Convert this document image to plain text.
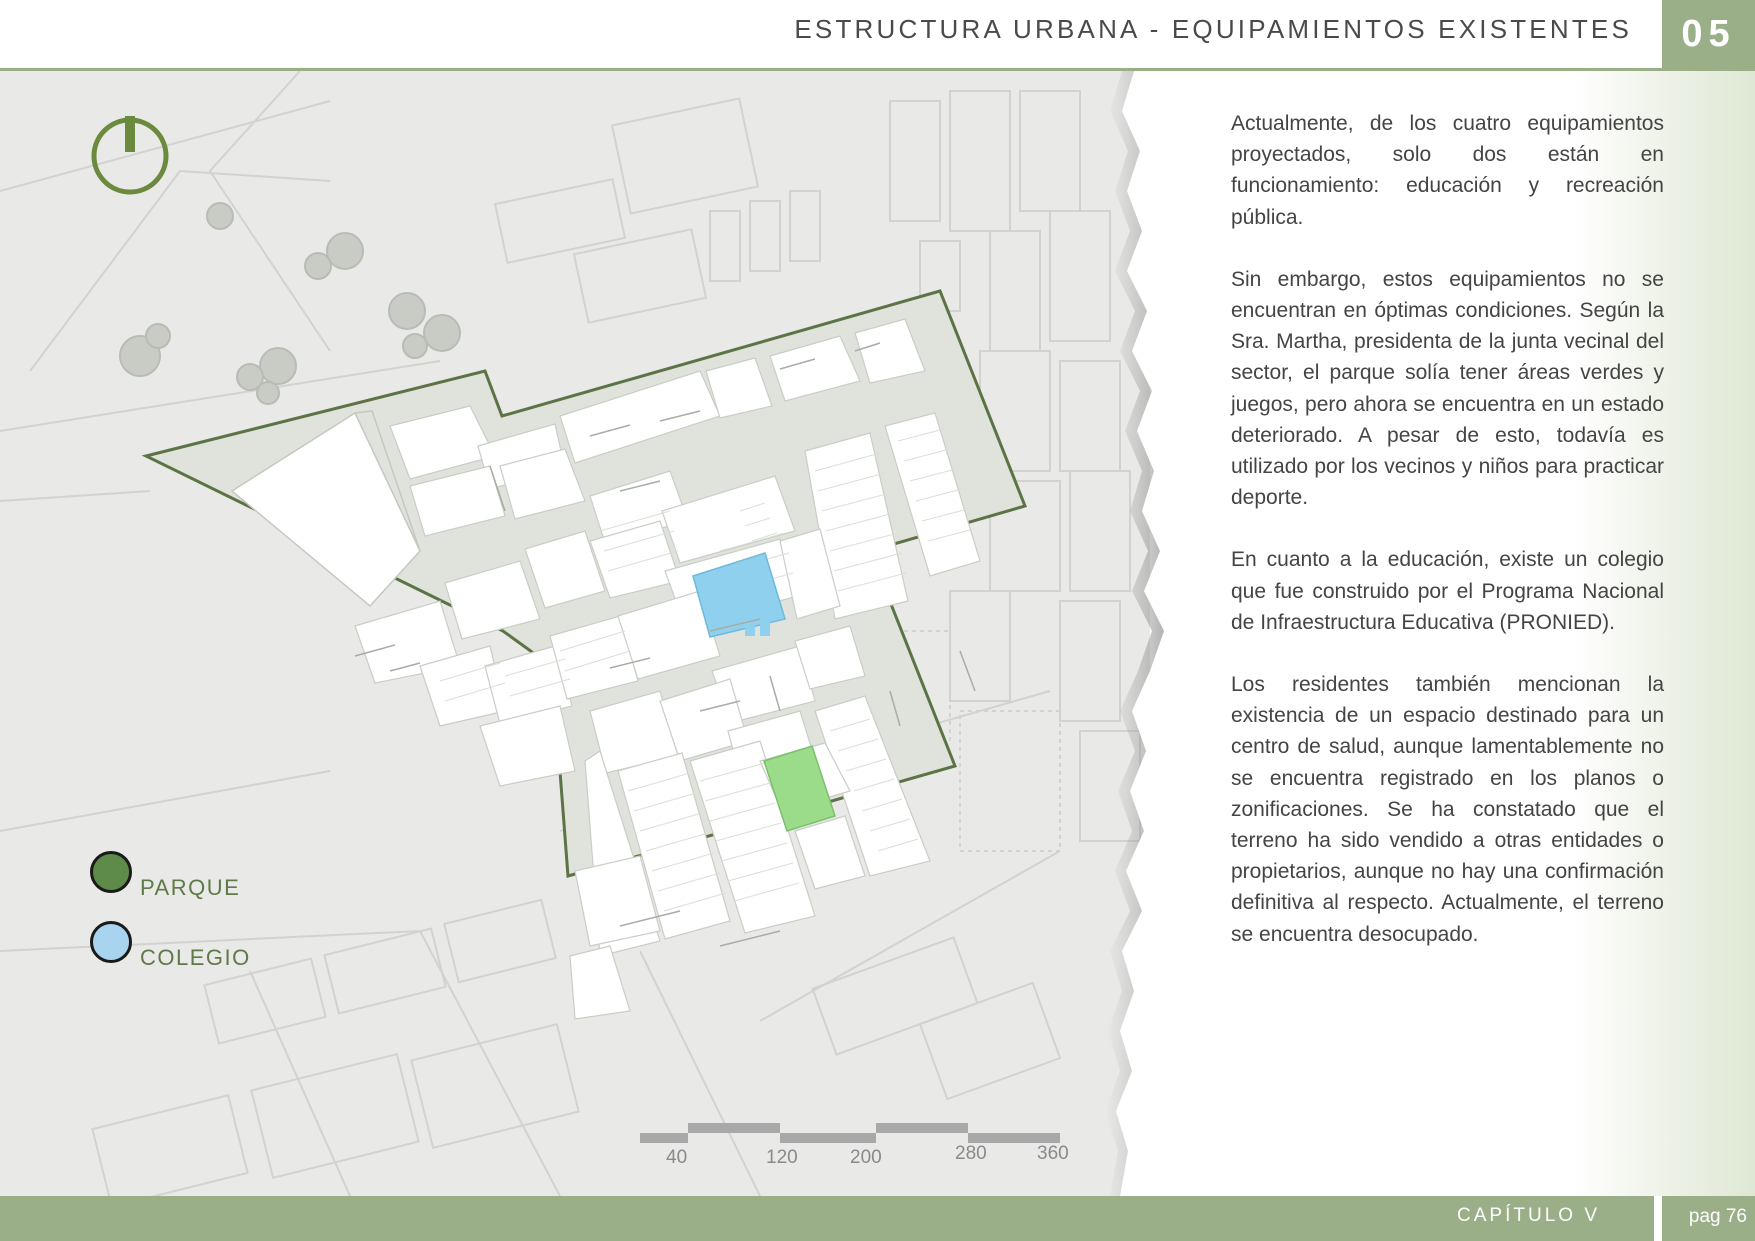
ESTRUCTURA URBANA - EQUIPAMIENTOS EXISTENTES	05
PARQUE
COLEGIO
40	120	200	280	360

Actualmente, de los cuatro equipamientos proyectados, solo dos están en funcionamiento: educación y recreación pública.

Sin embargo, estos equipamientos no se encuentran en óptimas condiciones. Según la Sra. Martha, presidenta de la junta vecinal del sector, el parque solía tener áreas verdes y juegos, pero ahora se encuentra en un estado deteriorado. A pesar de esto, todavía es utilizado por los vecinos y niños para practicar deporte.

En cuanto a la educación, existe un colegio que fue construido por el Programa Nacional de Infraestructura Educativa (PRONIED).

Los residentes también mencionan la existencia de un espacio destinado para un centro de salud, aunque lamentablemente no se encuentra registrado en los planos o zonificaciones. Se ha constatado que el terreno ha sido vendido a otras entidades o propietarios, aunque no hay una confirmación definitiva al respecto. Actualmente, el terreno se encuentra desocupado.

CAPÍTULO V	pag 76
